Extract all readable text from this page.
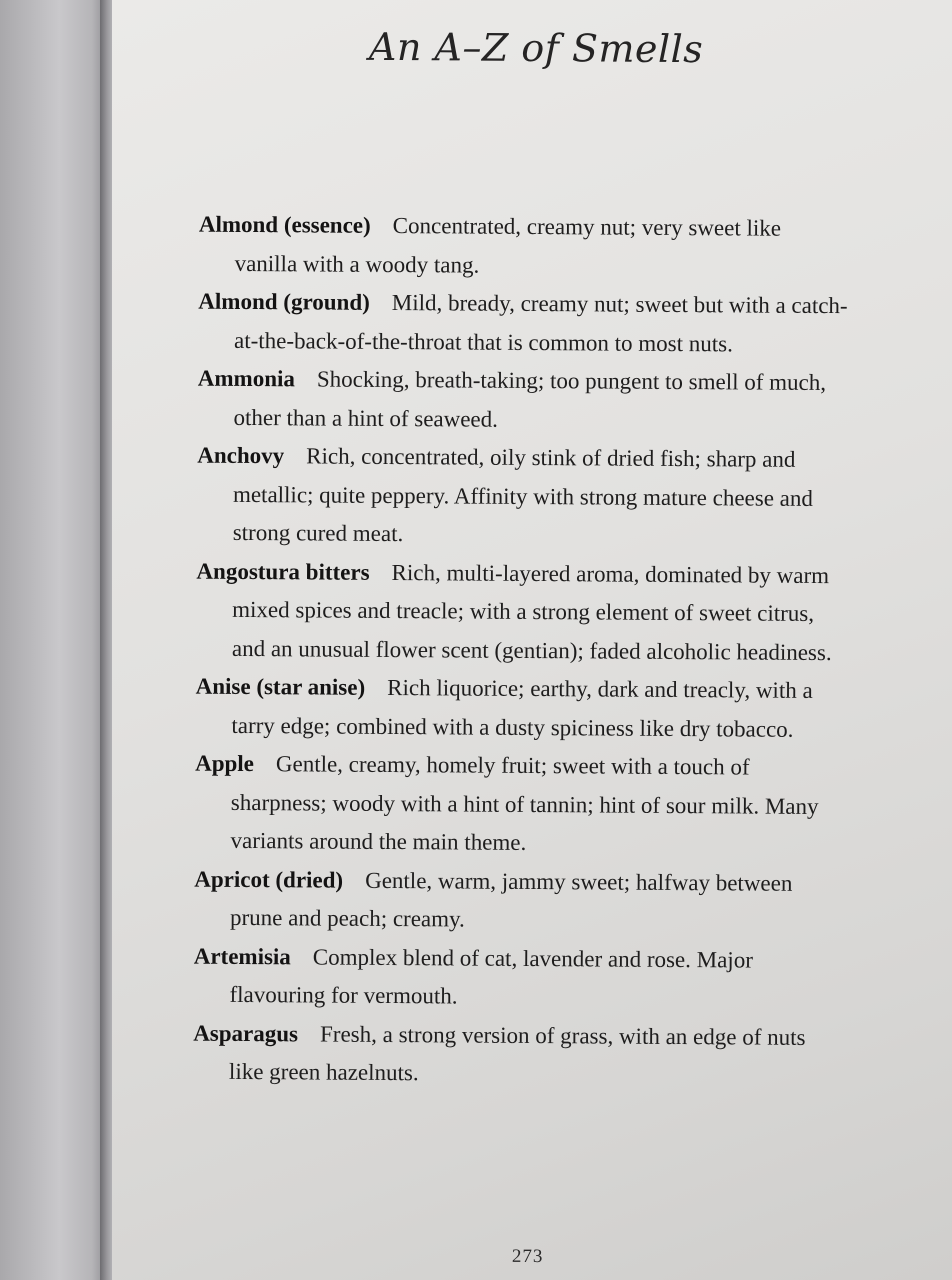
An A–Z of Smells

Almond (essence) Concentrated, creamy nut; very sweet like vanilla with a woody tang.

Almond (ground) Mild, bready, creamy nut; sweet but with a catch-at-the-back-of-the-throat that is common to most nuts.

Ammonia Shocking, breath-taking; too pungent to smell of much, other than a hint of seaweed.

Anchovy Rich, concentrated, oily stink of dried fish; sharp and metallic; quite peppery. Affinity with strong mature cheese and strong cured meat.

Angostura bitters Rich, multi-layered aroma, dominated by warm mixed spices and treacle; with a strong element of sweet citrus, and an unusual flower scent (gentian); faded alcoholic headiness.

Anise (star anise) Rich liquorice; earthy, dark and treacly, with a tarry edge; combined with a dusty spiciness like dry tobacco.

Apple Gentle, creamy, homely fruit; sweet with a touch of sharpness; woody with a hint of tannin; hint of sour milk. Many variants around the main theme.

Apricot (dried) Gentle, warm, jammy sweet; halfway between prune and peach; creamy.

Artemisia Complex blend of cat, lavender and rose. Major flavouring for vermouth.

Asparagus Fresh, a strong version of grass, with an edge of nuts like green hazelnuts.

273
